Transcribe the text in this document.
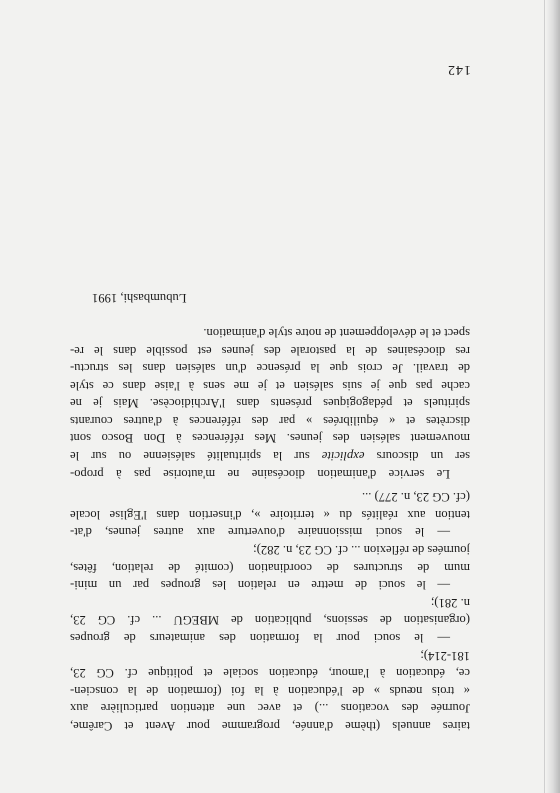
taires annuels (thème d'année, programme pour Avent et Carême,
Journée des vocations ...) et avec une attention particulière aux
« trois nœuds » de l'éducation à la foi (formation de la conscien-
ce, éducation à l'amour, éducation sociale et politique cf. CG 23,
181-214);
— le souci pour la formation des animateurs de groupes
(organisation de sessions, publication de MBEGU ... cf. CG 23,
n. 281);
— le souci de mettre en relation les groupes par un mini-
mum de structures de coordination (comité de relation, fêtes,
journées de réflexion ... cf. CG 23, n. 282);
— le souci missionnaire d'ouverture aux autres jeunes, d'at-
tention aux réalités du « territoire », d'insertion dans l'Eglise locale
(cf. CG 23, n. 277) ...
Le service d'animation diocésaine ne m'autorise pas à propo-
ser un discours explicite sur la spiritualité salésienne ou sur le
mouvement salésien des jeunes. Mes références à Don Bosco sont
discrètes et « équilibrées » par des références à d'autres courants
spirituels et pédagogiques présents dans l'Archidiocèse. Mais je ne
cache pas que je suis salésien et je me sens à l'aise dans ce style
de travail. Je crois que la présence d'un salésien dans les structu-
res diocésaines de la pastorale des jeunes est possible dans le re-
spect et le développement de notre style d'animation.
Lubumbashi, 1991
142
